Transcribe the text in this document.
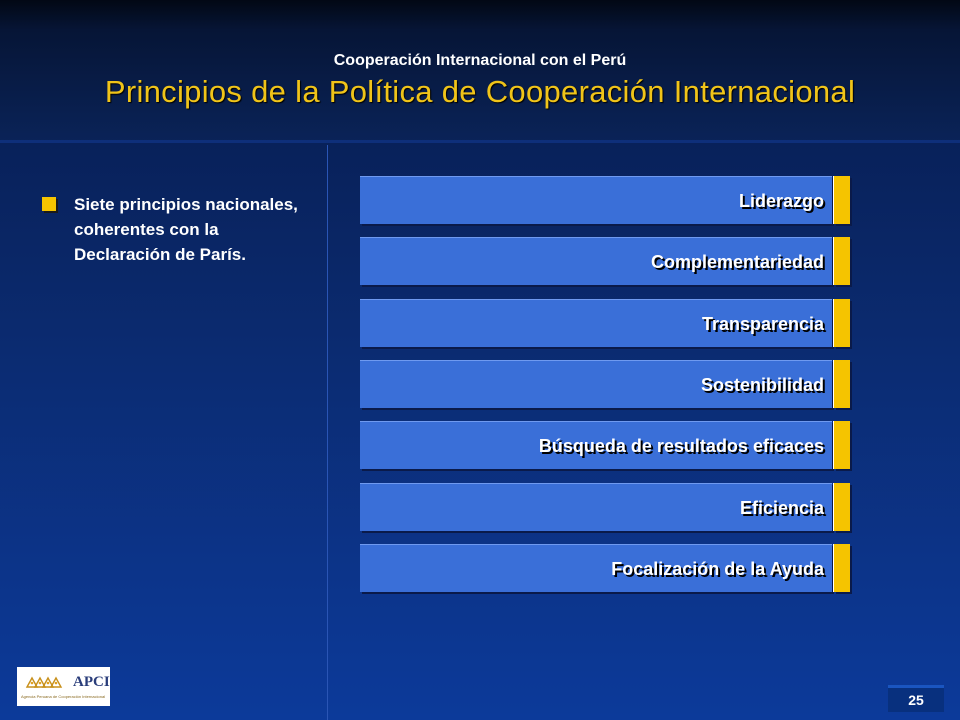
Cooperación Internacional con el Perú
Principios de la Política de Cooperación Internacional
Siete principios nacionales, coherentes con la Declaración de París.
Liderazgo
Complementariedad
Transparencia
Sostenibilidad
Búsqueda de resultados eficaces
Eficiencia
Focalización de la Ayuda
APCI
Agencia Peruana de Cooperación Internacional	25
